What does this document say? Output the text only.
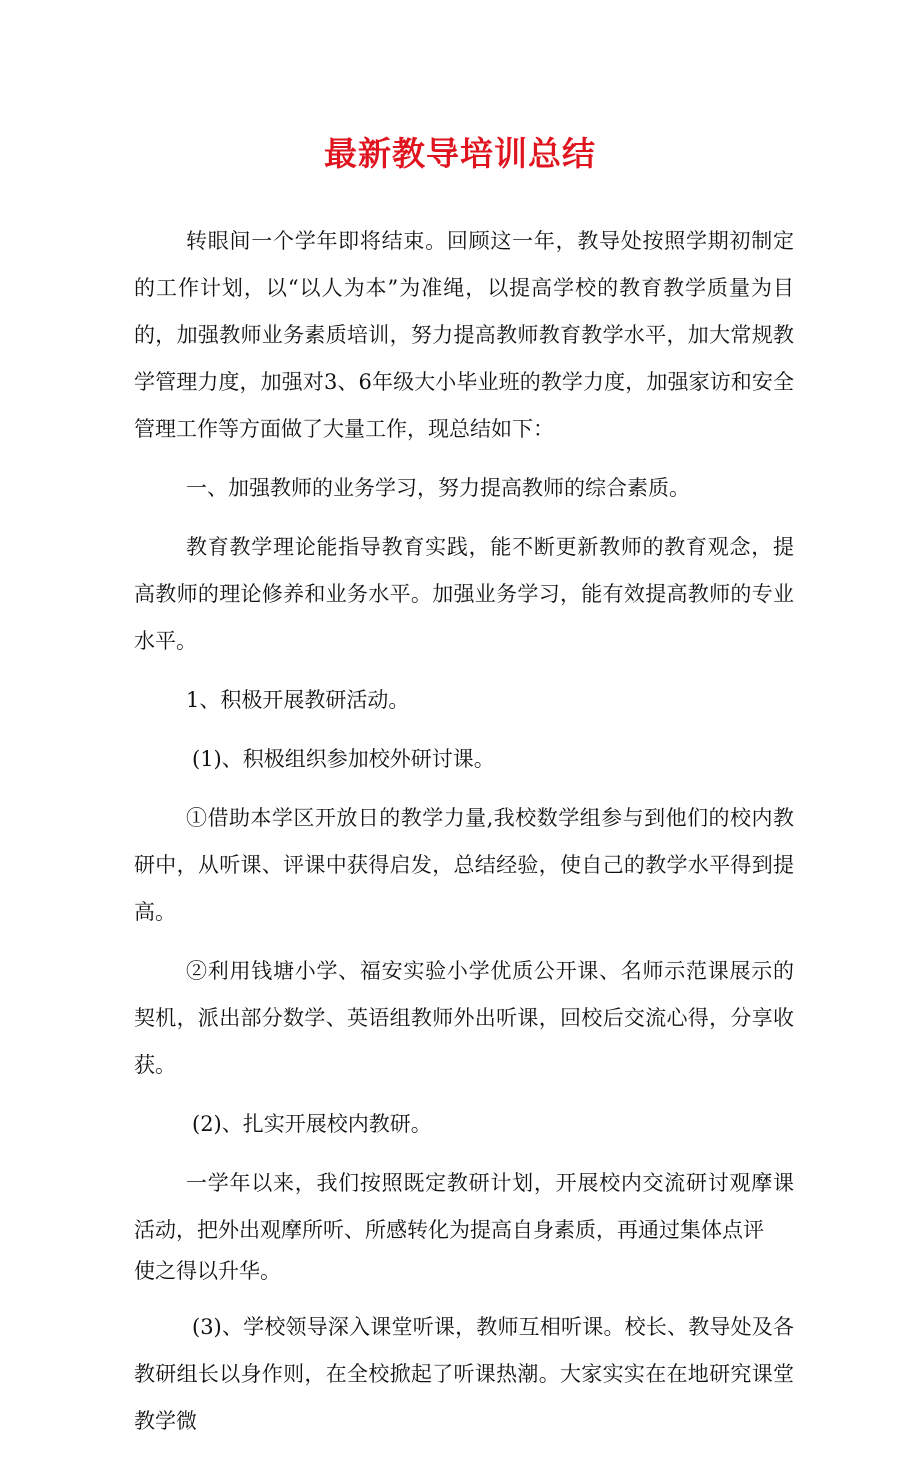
最新教导培训总结

转眼间一个学年即将结束。回顾这一年，教导处按照学期初制定的工作计划，以“以人为本”为准绳，以提高学校的教育教学质量为目的，加强教师业务素质培训，努力提高教师教育教学水平，加大常规教学管理力度，加强对3、6年级大小毕业班的教学力度，加强家访和安全管理工作等方面做了大量工作，现总结如下：

一、加强教师的业务学习，努力提高教师的综合素质。

教育教学理论能指导教育实践，能不断更新教师的教育观念，提高教师的理论修养和业务水平。加强业务学习，能有效提高教师的专业水平。

1、积极开展教研活动。

(1)、积极组织参加校外研讨课。

①借助本学区开放日的教学力量,我校数学组参与到他们的校内教研中，从听课、评课中获得启发，总结经验，使自己的教学水平得到提高。

②利用钱塘小学、福安实验小学优质公开课、名师示范课展示的契机，派出部分数学、英语组教师外出听课，回校后交流心得，分享收获。

(2)、扎实开展校内教研。

一学年以来，我们按照既定教研计划，开展校内交流研讨观摩课活动，把外出观摩所听、所感转化为提高自身素质，再通过集体点评

使之得以升华。

(3)、学校领导深入课堂听课，教师互相听课。校长、教导处及各教研组长以身作则，在全校掀起了听课热潮。大家实实在在地研究课堂教学微
